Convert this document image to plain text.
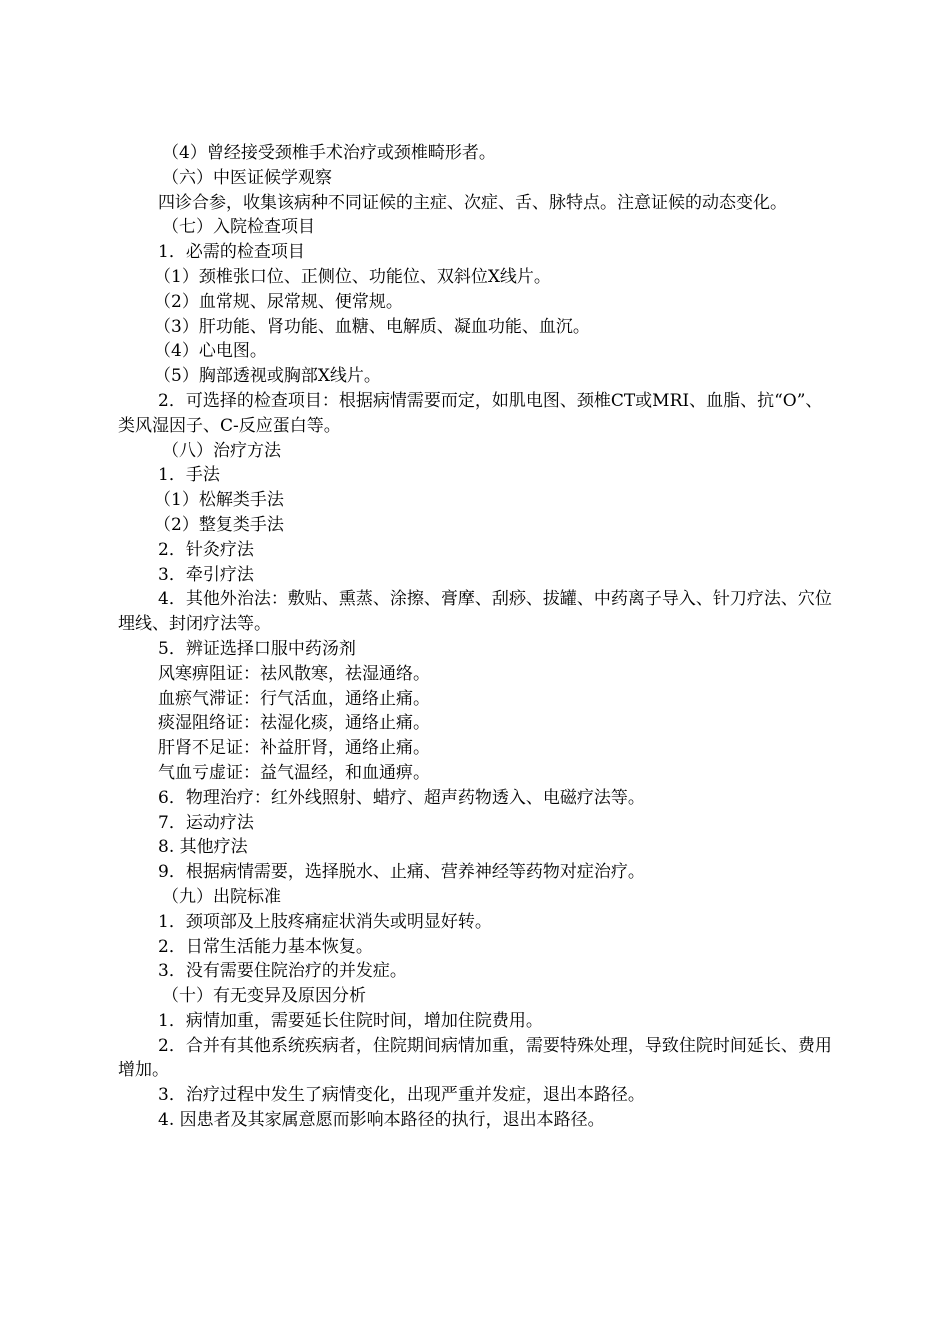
（4）曾经接受颈椎手术治疗或颈椎畸形者。
（六）中医证候学观察
四诊合参，收集该病种不同证候的主症、次症、舌、脉特点。注意证候的动态变化。
（七）入院检查项目
1．必需的检查项目
（1）颈椎张口位、正侧位、功能位、双斜位X线片。
（2）血常规、尿常规、便常规。
（3）肝功能、肾功能、血糖、电解质、凝血功能、血沉。
（4）心电图。
（5）胸部透视或胸部X线片。
2．可选择的检查项目：根据病情需要而定，如肌电图、颈椎CT或MRI、血脂、抗“O”、类风湿因子、C-反应蛋白等。
（八）治疗方法
1．手法
（1）松解类手法
（2）整复类手法
2．针灸疗法
3．牵引疗法
4．其他外治法：敷贴、熏蒸、涂擦、膏摩、刮痧、拔罐、中药离子导入、针刀疗法、穴位埋线、封闭疗法等。
5．辨证选择口服中药汤剂
风寒痹阻证：祛风散寒，祛湿通络。
血瘀气滞证：行气活血，通络止痛。
痰湿阻络证：祛湿化痰，通络止痛。
肝肾不足证：补益肝肾，通络止痛。
气血亏虚证：益气温经，和血通痹。
6．物理治疗：红外线照射、蜡疗、超声药物透入、电磁疗法等。
7．运动疗法
8. 其他疗法
9．根据病情需要，选择脱水、止痛、营养神经等药物对症治疗。
（九）出院标准
1．颈项部及上肢疼痛症状消失或明显好转。
2．日常生活能力基本恢复。
3．没有需要住院治疗的并发症。
（十）有无变异及原因分析
1．病情加重，需要延长住院时间，增加住院费用。
2．合并有其他系统疾病者，住院期间病情加重，需要特殊处理，导致住院时间延长、费用增加。
3．治疗过程中发生了病情变化，出现严重并发症，退出本路径。
4. 因患者及其家属意愿而影响本路径的执行，退出本路径。
